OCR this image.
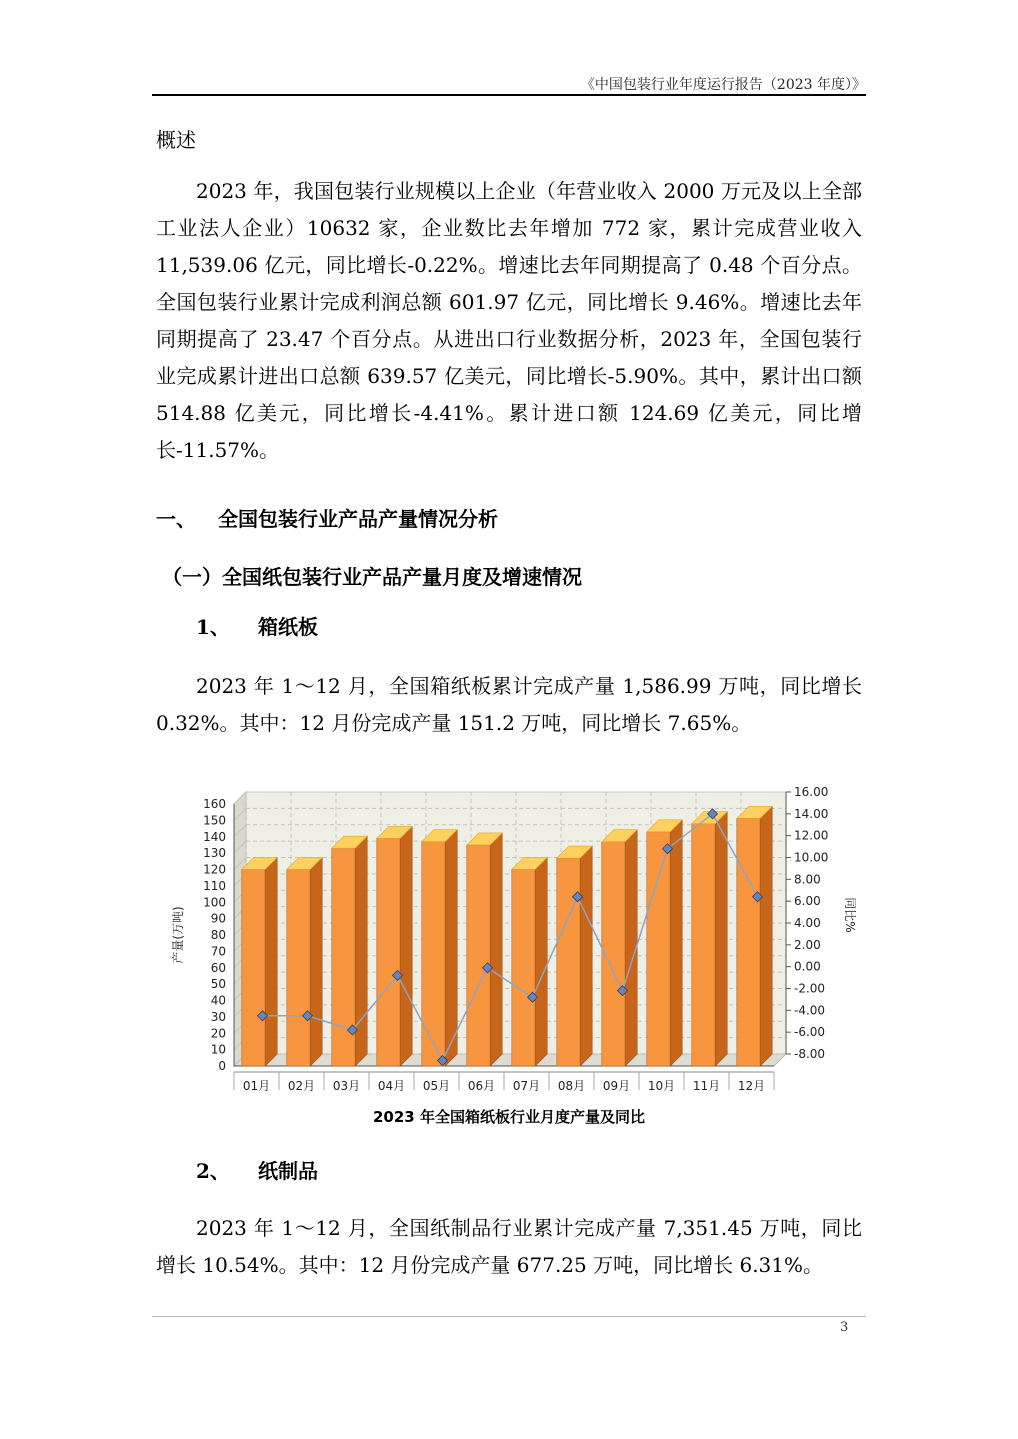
《中国包装行业年度运行报告（2023 年度）》
概述

2023 年，我国包装行业规模以上企业（年营业收入 2000 万元及以上全部工业法人企业）10632 家，企业数比去年增加 772 家，累计完成营业收入 11,539.06 亿元，同比增长-0.22%。增速比去年同期提高了 0.48 个百分点。全国包装行业累计完成利润总额 601.97 亿元，同比增长 9.46%。增速比去年同期提高了 23.47 个百分点。从进出口行业数据分析，2023 年，全国包装行业完成累计进出口总额 639.57 亿美元，同比增长-5.90%。其中，累计出口额 514.88 亿美元，同比增长-4.41%。累计进口额 124.69 亿美元，同比增长-11.57%。

一、 全国包装行业产品产量情况分析
（一）全国纸包装行业产品产量月度及增速情况
1、 箱纸板

2023 年 1～12 月，全国箱纸板累计完成产量 1,586.99 万吨，同比增长 0.32%。其中：12 月份完成产量 151.2 万吨，同比增长 7.65%。

0
10
20
30
40
50
60
70
80
90
100
110
120
130
140
150
160
-8.00
-6.00
-4.00
-2.00
0.00
2.00
4.00
6.00
8.00
10.00
12.00
14.00
16.00
01月 02月 03月 04月 05月 06月 07月 08月 09月 10月 11月 12月
产量(万吨)	同比%
2023 年全国箱纸板行业月度产量及同比
2、 纸制品

2023 年 1～12 月，全国纸制品行业累计完成产量 7,351.45 万吨，同比增长 10.54%。其中：12 月份完成产量 677.25 万吨，同比增长 6.31%。

3
